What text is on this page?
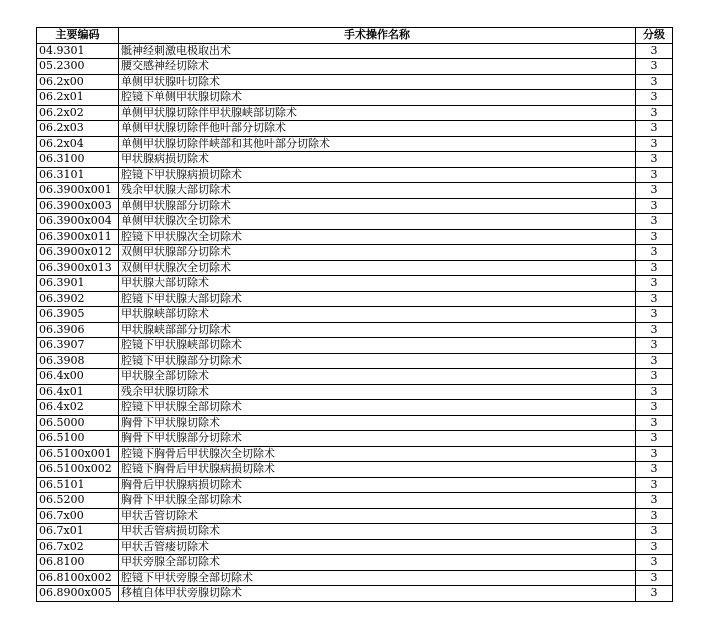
主要编码	手术操作名称	分级
04.9301	骶神经刺激电极取出术	3
05.2300	腰交感神经切除术	3
06.2x00	单侧甲状腺叶切除术	3
06.2x01	腔镜下单侧甲状腺切除术	3
06.2x02	单侧甲状腺切除伴甲状腺峡部切除术	3
06.2x03	单侧甲状腺切除伴他叶部分切除术	3
06.2x04	单侧甲状腺切除伴峡部和其他叶部分切除术	3
06.3100	甲状腺病损切除术	3
06.3101	腔镜下甲状腺病损切除术	3
06.3900x001	残余甲状腺大部切除术	3
06.3900x003	单侧甲状腺部分切除术	3
06.3900x004	单侧甲状腺次全切除术	3
06.3900x011	腔镜下甲状腺次全切除术	3
06.3900x012	双侧甲状腺部分切除术	3
06.3900x013	双侧甲状腺次全切除术	3
06.3901	甲状腺大部切除术	3
06.3902	腔镜下甲状腺大部切除术	3
06.3905	甲状腺峡部切除术	3
06.3906	甲状腺峡部部分切除术	3
06.3907	腔镜下甲状腺峡部切除术	3
06.3908	腔镜下甲状腺部分切除术	3
06.4x00	甲状腺全部切除术	3
06.4x01	残余甲状腺切除术	3
06.4x02	腔镜下甲状腺全部切除术	3
06.5000	胸骨下甲状腺切除术	3
06.5100	胸骨下甲状腺部分切除术	3
06.5100x001	腔镜下胸骨后甲状腺次全切除术	3
06.5100x002	腔镜下胸骨后甲状腺病损切除术	3
06.5101	胸骨后甲状腺病损切除术	3
06.5200	胸骨下甲状腺全部切除术	3
06.7x00	甲状舌管切除术	3
06.7x01	甲状舌管病损切除术	3
06.7x02	甲状舌管瘘切除术	3
06.8100	甲状旁腺全部切除术	3
06.8100x002	腔镜下甲状旁腺全部切除术	3
06.8900x005	移植自体甲状旁腺切除术	3
